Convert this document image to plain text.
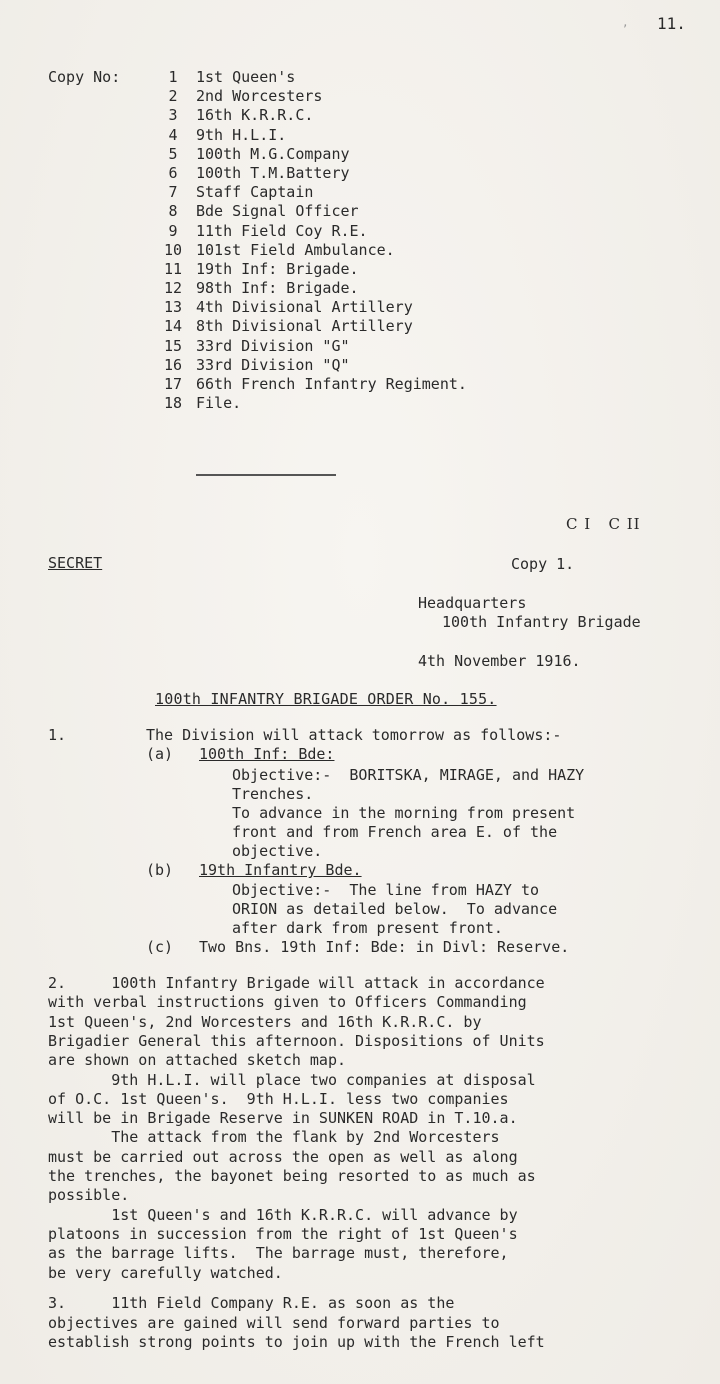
, 11.
Copy No:	1	1st Queen's
2	2nd Worcesters
3	16th K.R.R.C.
4	9th H.L.I.
5	100th M.G.Company
6	100th T.M.Battery
7	Staff Captain
8	Bde Signal Officer
9	11th Field Coy R.E.
10 101st Field Ambulance.
11 19th Inf: Brigade.
12 98th Inf: Brigade.
13 4th Divisional Artillery
14 8th Divisional Artillery
15 33rd Division "G"
16 33rd Division "Q"
17 66th French Infantry Regiment.
18 File.
C I   C II
SECRET	Copy 1.
Headquarters
100th Infantry Brigade
4th November 1916.
100th INFANTRY BRIGADE ORDER No. 155.
1.	The Division will attack tomorrow as follows:-
(a) 100th Inf: Bde:
Objective:-  BORITSKA, MIRAGE, and HAZY
Trenches.
To advance in the morning from present
front and from French area E. of the
objective.
(b) 19th Infantry Bde.
Objective:-  The line from HAZY to
ORION as detailed below.  To advance
after dark from present front.
(c) Two Bns. 19th Inf: Bde: in Divl: Reserve.
2.     100th Infantry Brigade will attack in accordance
with verbal instructions given to Officers Commanding
1st Queen's, 2nd Worcesters and 16th K.R.R.C. by
Brigadier General this afternoon. Dispositions of Units
are shown on attached sketch map.
9th H.L.I. will place two companies at disposal
of O.C. 1st Queen's.  9th H.L.I. less two companies
will be in Brigade Reserve in SUNKEN ROAD in T.10.a.
The attack from the flank by 2nd Worcesters
must be carried out across the open as well as along
the trenches, the bayonet being resorted to as much as
possible.
1st Queen's and 16th K.R.R.C. will advance by
platoons in succession from the right of 1st Queen's
as the barrage lifts.  The barrage must, therefore,
be very carefully watched.
3.     11th Field Company R.E. as soon as the
objectives are gained will send forward parties to
establish strong points to join up with the French left
